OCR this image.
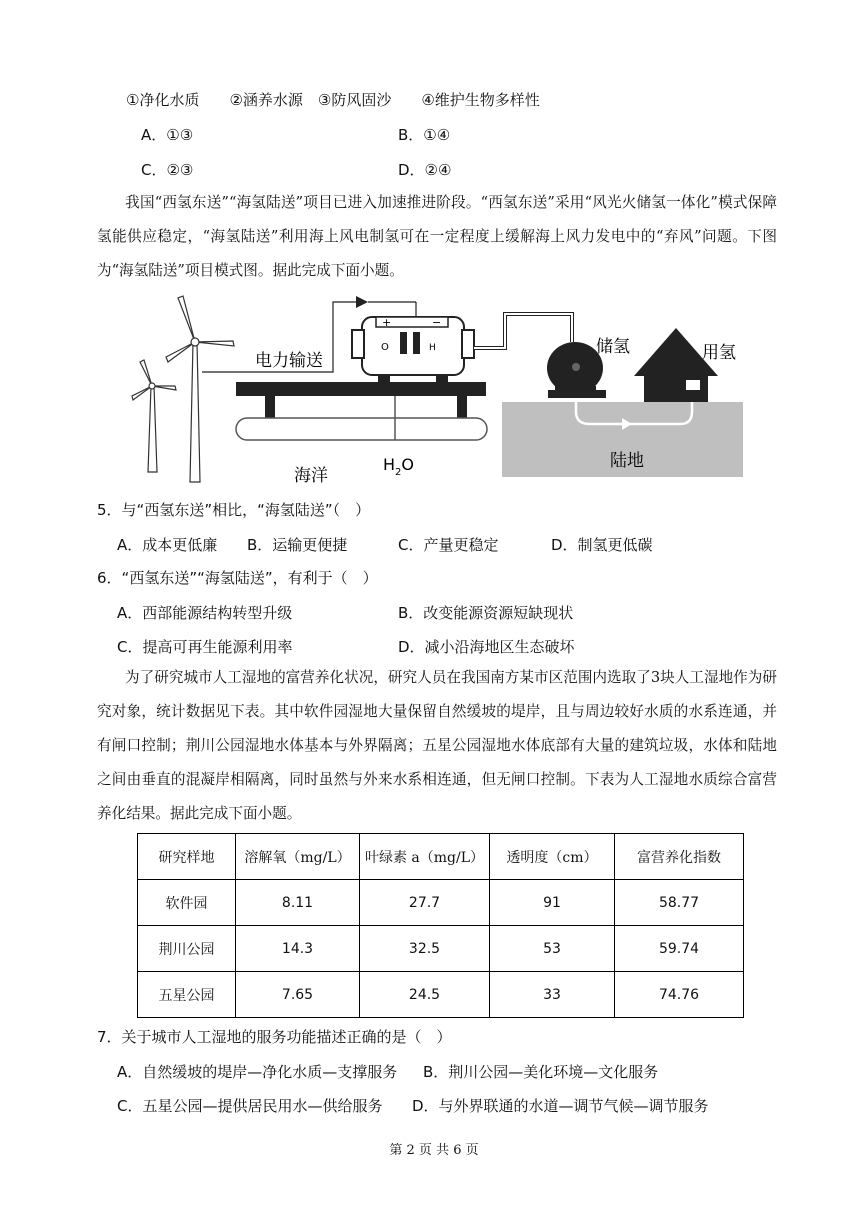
①净化水质　　②涵养水源　③防风固沙　　④维护生物多样性
A．①③	B．①④
C．②③	D．②④
我国“西氢东送”“海氢陆送”项目已进入加速推进阶段。“西氢东送”采用“风光火储氢一体化”模式保障氢能供应稳定，“海氢陆送”利用海上风电制氢可在一定程度上缓解海上风力发电中的“弃风”问题。下图为“海氢陆送”项目模式图。据此完成下面小题。
+	−
O	H
电力输送
储氢	用氢
陆地
海洋
$H_2O$
5．与“西氢东送”相比，“海氢陆送”（　）
A．成本更低廉 B．运输更便捷	C．产量更稳定	D．制氢更低碳
6．“西氢东送”“海氢陆送”，有利于（　）
A．西部能源结构转型升级	B．改变能源资源短缺现状
C．提高可再生能源利用率	D．减小沿海地区生态破坏
为了研究城市人工湿地的富营养化状况，研究人员在我国南方某市区范围内选取了3块人工湿地作为研究对象，统计数据见下表。其中软件园湿地大量保留自然缓坡的堤岸，且与周边较好水质的水系连通，并有闸口控制；荆川公园湿地水体基本与外界隔离；五星公园湿地水体底部有大量的建筑垃圾，水体和陆地之间由垂直的混凝岸相隔离，同时虽然与外来水系相连通，但无闸口控制。下表为人工湿地水质综合富营养化结果。据此完成下面小题。
研究样地	溶解氧（mg/L）	叶绿素 a（mg/L）	透明度（cm）	富营养化指数
软件园	8.11	27.7	91	58.77
荆川公园	14.3	32.5	53	59.74
五星公园	7.65	24.5	33	74.76
7．关于城市人工湿地的服务功能描述正确的是（　）
A．自然缓坡的堤岸—净化水质—支撑服务 B．荆川公园—美化环境—文化服务
C．五星公园—提供居民用水—供给服务 D．与外界联通的水道—调节气候—调节服务
第 2 页 共 6 页
